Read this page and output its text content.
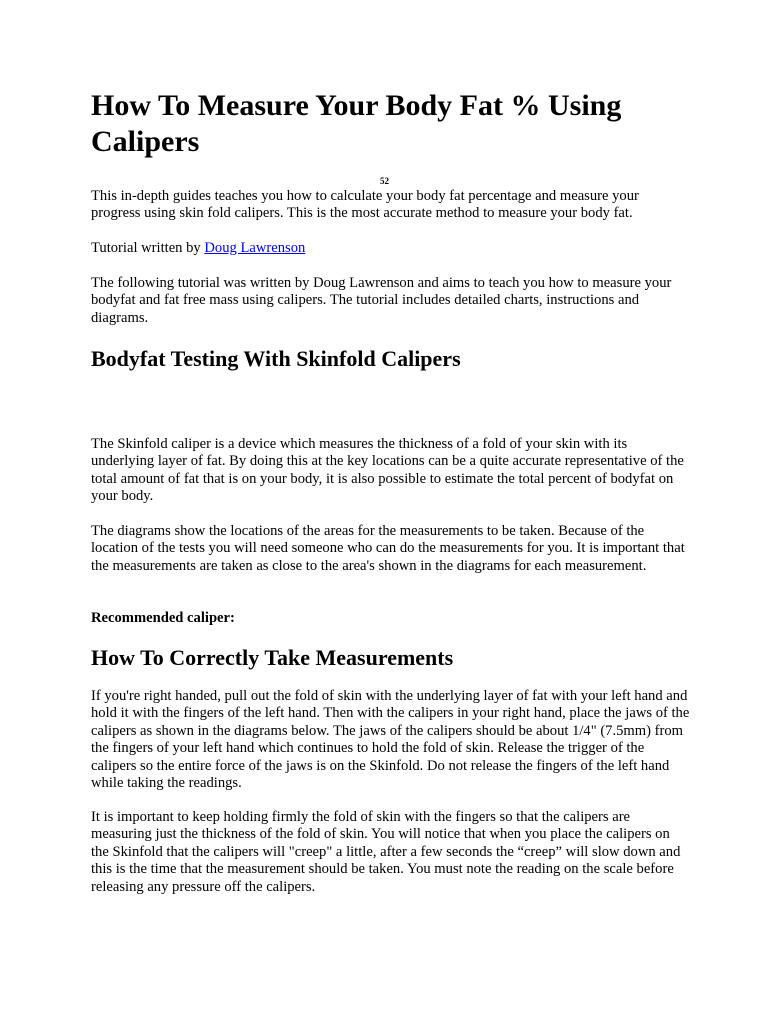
How To Measure Your Body Fat % Using Calipers
52

This in-depth guides teaches you how to calculate your body fat percentage and measure your progress using skin fold calipers. This is the most accurate method to measure your body fat.

Tutorial written by Doug Lawrenson

The following tutorial was written by Doug Lawrenson and aims to teach you how to measure your bodyfat and fat free mass using calipers. The tutorial includes detailed charts, instructions and diagrams.

Bodyfat Testing With Skinfold Calipers

The Skinfold caliper is a device which measures the thickness of a fold of your skin with its underlying layer of fat. By doing this at the key locations can be a quite accurate representative of the total amount of fat that is on your body, it is also possible to estimate the total percent of bodyfat on your body.

The diagrams show the locations of the areas for the measurements to be taken. Because of the location of the tests you will need someone who can do the measurements for you. It is important that the measurements are taken as close to the area's shown in the diagrams for each measurement.

Recommended caliper:

How To Correctly Take Measurements

If you're right handed, pull out the fold of skin with the underlying layer of fat with your left hand and hold it with the fingers of the left hand. Then with the calipers in your right hand, place the jaws of the calipers as shown in the diagrams below. The jaws of the calipers should be about 1/4" (7.5mm) from the fingers of your left hand which continues to hold the fold of skin. Release the trigger of the calipers so the entire force of the jaws is on the Skinfold. Do not release the fingers of the left hand while taking the readings.

It is important to keep holding firmly the fold of skin with the fingers so that the calipers are measuring just the thickness of the fold of skin. You will notice that when you place the calipers on the Skinfold that the calipers will "creep" a little, after a few seconds the “creep” will slow down and this is the time that the measurement should be taken. You must note the reading on the scale before releasing any pressure off the calipers.
